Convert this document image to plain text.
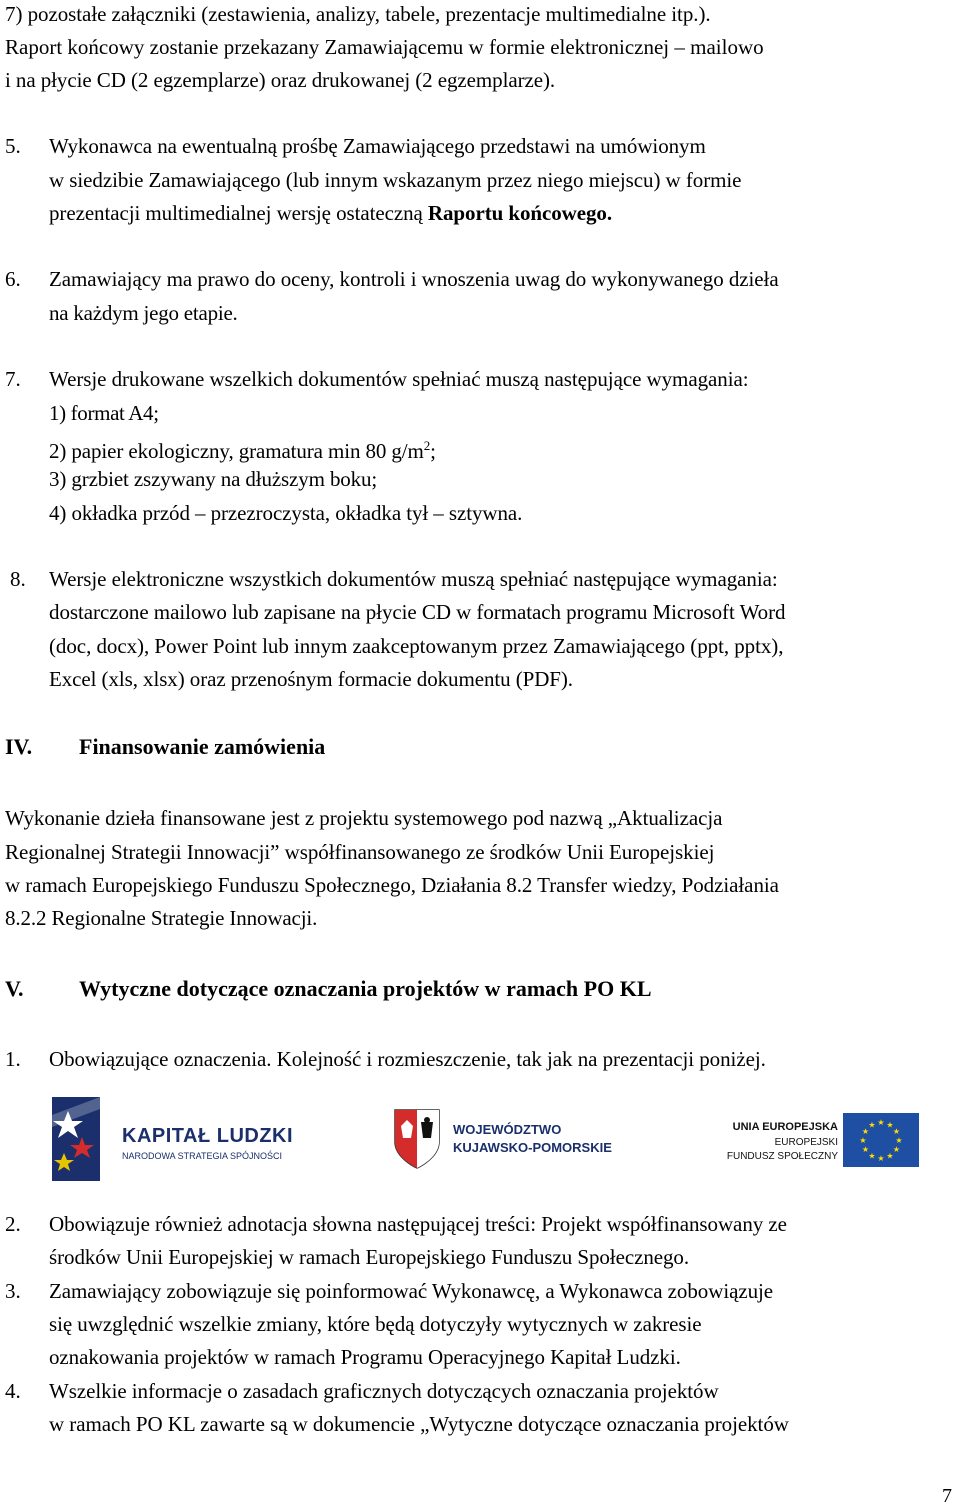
7) pozostałe załączniki (zestawienia, analizy, tabele, prezentacje multimedialne itp.).
Raport końcowy zostanie przekazany Zamawiającemu w formie elektronicznej – mailowo
i na płycie CD (2 egzemplarze) oraz drukowanej (2 egzemplarze).
5.	Wykonawca na ewentualną prośbę Zamawiającego przedstawi na umówionym
w siedzibie Zamawiającego (lub innym wskazanym przez niego miejscu) w formie
prezentacji multimedialnej wersję ostateczną Raportu końcowego.
6.	Zamawiający ma prawo do oceny, kontroli i wnoszenia uwag do wykonywanego dzieła
na każdym jego etapie.
7.	Wersje drukowane wszelkich dokumentów spełniać muszą następujące wymagania:
1) format A4;
2) papier ekologiczny, gramatura min 80 $g/m^2$;
3) grzbiet zszywany na dłuższym boku;
4) okładka przód – przezroczysta, okładka tył – sztywna.
8.	Wersje elektroniczne wszystkich dokumentów muszą spełniać następujące wymagania:
dostarczone mailowo lub zapisane na płycie CD w formatach programu Microsoft Word
(doc, docx), Power Point lub innym zaakceptowanym przez Zamawiającego (ppt, pptx),
Excel (xls, xlsx) oraz przenośnym formacie dokumentu (PDF).
IV. Finansowanie zamówienia
Wykonanie dzieła finansowane jest z projektu systemowego pod nazwą „Aktualizacja
Regionalnej Strategii Innowacji” współfinansowanego ze środków Unii Europejskiej
w ramach Europejskiego Funduszu Społecznego, Działania 8.2 Transfer wiedzy, Podziałania
8.2.2 Regionalne Strategie Innowacji.
V.	Wytyczne dotyczące oznaczania projektów w ramach PO KL
1.	Obowiązujące oznaczenia. Kolejność i rozmieszczenie, tak jak na prezentacji poniżej.
KAPITAŁ LUDZKI
NARODOWA STRATEGIA SPÓJNOŚCI
WOJEWÓDZTWO
KUJAWSKO-POMORSKIE
UNIA EUROPEJSKA
EUROPEJSKI
FUNDUSZ SPOŁECZNY
★ ★
★
★
★
★
★
★
★
★
★
★
2.	Obowiązuje również adnotacja słowna następującej treści: Projekt współfinansowany ze
środków Unii Europejskiej w ramach Europejskiego Funduszu Społecznego.
3.	Zamawiający zobowiązuje się poinformować Wykonawcę, a Wykonawca zobowiązuje
się uwzględnić wszelkie zmiany, które będą dotyczyły wytycznych w zakresie
oznakowania projektów w ramach Programu Operacyjnego Kapitał Ludzki.
4.	Wszelkie informacje o zasadach graficznych dotyczących oznaczania projektów
w ramach PO KL zawarte są w dokumencie „Wytyczne dotyczące oznaczania projektów
7
